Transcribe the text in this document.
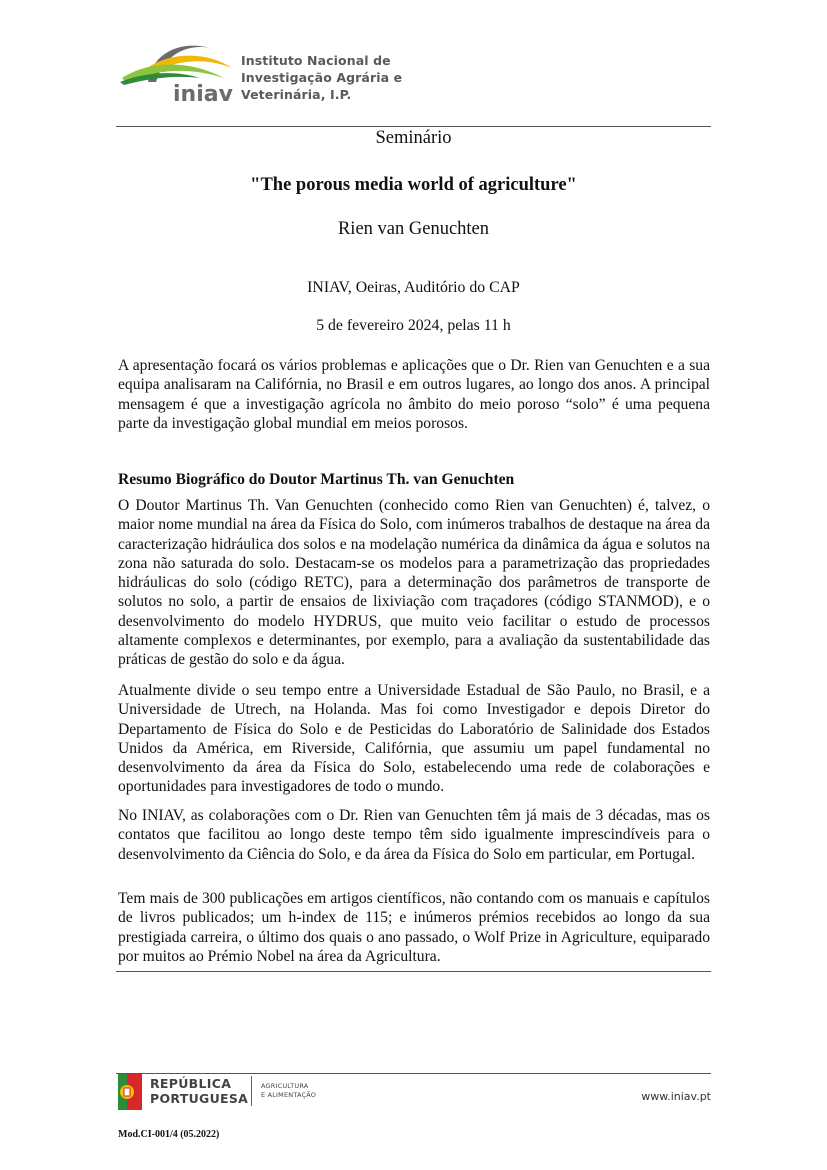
iniav
Instituto Nacional de
Investigação Agrária e
Veterinária, I.P.
Seminário
"The porous media world of agriculture"
Rien van Genuchten
INIAV, Oeiras, Auditório do CAP
5 de fevereiro 2024, pelas 11 h
A apresentação focará os vários problemas e aplicações que o Dr. Rien van Genuchten e a sua equipa analisaram na Califórnia, no Brasil e em outros lugares, ao longo dos anos. A principal mensagem é que a investigação agrícola no âmbito do meio poroso “solo” é uma pequena parte da investigação global mundial em meios porosos.
Resumo Biográfico do Doutor Martinus Th. van Genuchten
O Doutor Martinus Th. Van Genuchten (conhecido como Rien van Genuchten) é, talvez, o maior nome mundial na área da Física do Solo, com inúmeros trabalhos de destaque na área da caracterização hidráulica dos solos e na modelação numérica da dinâmica da água e solutos na zona não saturada do solo. Destacam-se os modelos para a parametrização das propriedades hidráulicas do solo (código RETC), para a determinação dos parâmetros de transporte de solutos no solo, a partir de ensaios de lixiviação com traçadores (código STANMOD), e o desenvolvimento do modelo HYDRUS, que muito veio facilitar o estudo de processos altamente complexos e determinantes, por exemplo, para a avaliação da sustentabilidade das práticas de gestão do solo e da água.
Atualmente divide o seu tempo entre a Universidade Estadual de São Paulo, no Brasil, e a Universidade de Utrech, na Holanda. Mas foi como Investigador e depois Diretor do Departamento de Física do Solo e de Pesticidas do Laboratório de Salinidade dos Estados Unidos da América, em Riverside, Califórnia, que assumiu um papel fundamental no desenvolvimento da área da Física do Solo, estabelecendo uma rede de colaborações e oportunidades para investigadores de todo o mundo.
No INIAV, as colaborações com o Dr. Rien van Genuchten têm já mais de 3 décadas, mas os contatos que facilitou ao longo deste tempo têm sido igualmente imprescindíveis para o desenvolvimento da Ciência do Solo, e da área da Física do Solo em particular, em Portugal.
Tem mais de 300 publicações em artigos científicos, não contando com os manuais e capítulos de livros publicados; um h-index de 115; e inúmeros prémios recebidos ao longo da sua prestigiada carreira, o último dos quais o ano passado, o Wolf Prize in Agriculture, equiparado por muitos ao Prémio Nobel na área da Agricultura.
REPÚBLICA
PORTUGUESA
AGRICULTURA
E ALIMENTAÇÃO	www.iniav.pt
Mod.CI-001/4 (05.2022)
